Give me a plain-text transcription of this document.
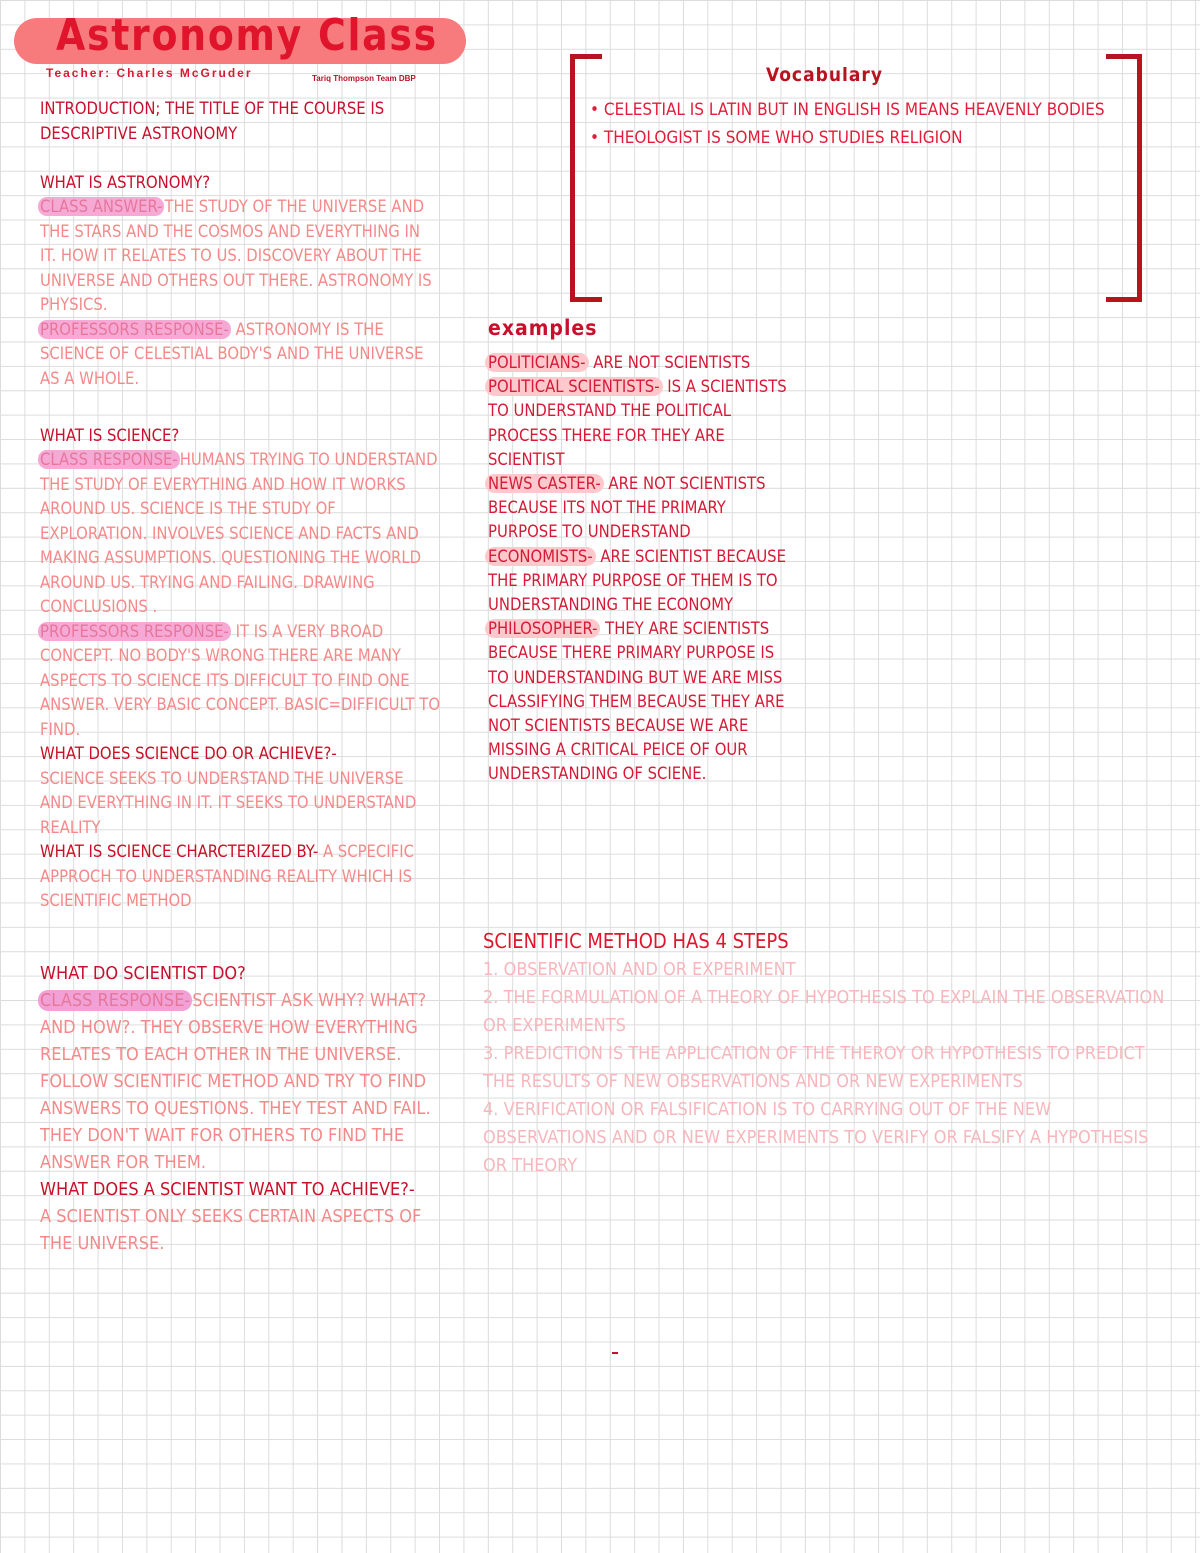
Astronomy Class
Teacher: Charles McGruder	Tariq Thompson Team DBP

INTRODUCTION; THE TITLE OF THE COURSE IS DESCRIPTIVE ASTRONOMY

WHAT IS ASTRONOMY?

CLASS ANSWER- THE STUDY OF THE UNIVERSE AND THE STARS AND THE COSMOS AND EVERYTHING IN IT. HOW IT RELATES TO US. DISCOVERY ABOUT THE UNIVERSE AND OTHERS OUT THERE. ASTRONOMY IS PHYSICS.

PROFESSORS RESPONSE- ASTRONOMY IS THE SCIENCE OF CELESTIAL BODY'S AND THE UNIVERSE AS A WHOLE.

WHAT IS SCIENCE?

CLASS RESPONSE- HUMANS TRYING TO UNDERSTAND THE STUDY OF EVERYTHING AND HOW IT WORKS AROUND US. SCIENCE IS THE STUDY OF EXPLORATION. INVOLVES SCIENCE AND FACTS AND MAKING ASSUMPTIONS. QUESTIONING THE WORLD AROUND US. TRYING AND FAILING. DRAWING CONCLUSIONS .

PROFESSORS RESPONSE- IT IS A VERY BROAD CONCEPT. NO BODY'S WRONG THERE ARE MANY ASPECTS TO SCIENCE ITS DIFFICULT TO FIND ONE ANSWER. VERY BASIC CONCEPT. BASIC=DIFFICULT TO FIND.

WHAT DOES SCIENCE DO OR ACHIEVE?-

SCIENCE SEEKS TO UNDERSTAND THE UNIVERSE AND EVERYTHING IN IT. IT SEEKS TO UNDERSTAND REALITY

WHAT IS SCIENCE CHARCTERIZED BY- A SCPECIFIC APPROCH TO UNDERSTANDING REALITY WHICH IS SCIENTIFIC METHOD

WHAT DO SCIENTIST DO?

CLASS RESPONSE- SCIENTIST ASK WHY? WHAT? AND HOW?. THEY OBSERVE HOW EVERYTHING RELATES TO EACH OTHER IN THE UNIVERSE. FOLLOW SCIENTIFIC METHOD AND TRY TO FIND ANSWERS TO QUESTIONS. THEY TEST AND FAIL. THEY DON'T WAIT FOR OTHERS TO FIND THE ANSWER FOR THEM.

WHAT DOES A SCIENTIST WANT TO ACHIEVE?-

A SCIENTIST ONLY SEEKS CERTAIN ASPECTS OF THE UNIVERSE.

Vocabulary
• CELESTIAL IS LATIN BUT IN ENGLISH IS MEANS HEAVENLY BODIES
• THEOLOGIST IS SOME WHO STUDIES RELIGION
examples

POLITICIANS- ARE NOT SCIENTISTS

POLITICAL SCIENTISTS- IS A SCIENTISTS TO UNDERSTAND THE POLITICAL PROCESS THERE FOR THEY ARE SCIENTIST

NEWS CASTER- ARE NOT SCIENTISTS BECAUSE ITS NOT THE PRIMARY PURPOSE TO UNDERSTAND

ECONOMISTS- ARE SCIENTIST BECAUSE THE PRIMARY PURPOSE OF THEM IS TO UNDERSTANDING THE ECONOMY

PHILOSOPHER- THEY ARE SCIENTISTS BECAUSE THERE PRIMARY PURPOSE IS TO UNDERSTANDING BUT WE ARE MISS CLASSIFYING THEM BECAUSE THEY ARE NOT SCIENTISTS BECAUSE WE ARE MISSING A CRITICAL PEICE OF OUR UNDERSTANDING OF SCIENE.

SCIENTIFIC METHOD HAS 4 STEPS
1. OBSERVATION AND OR EXPERIMENT
2. THE FORMULATION OF A THEORY OF HYPOTHESIS TO EXPLAIN THE OBSERVATION OR EXPERIMENTS
3. PREDICTION IS THE APPLICATION OF THE THEROY OR HYPOTHESIS TO PREDICT THE RESULTS OF NEW OBSERVATIONS AND OR NEW EXPERIMENTS
4. VERIFICATION OR FALSIFICATION IS TO CARRYING OUT OF THE NEW OBSERVATIONS AND OR NEW EXPERIMENTS TO VERIFY OR FALSIFY A HYPOTHESIS OR THEORY
